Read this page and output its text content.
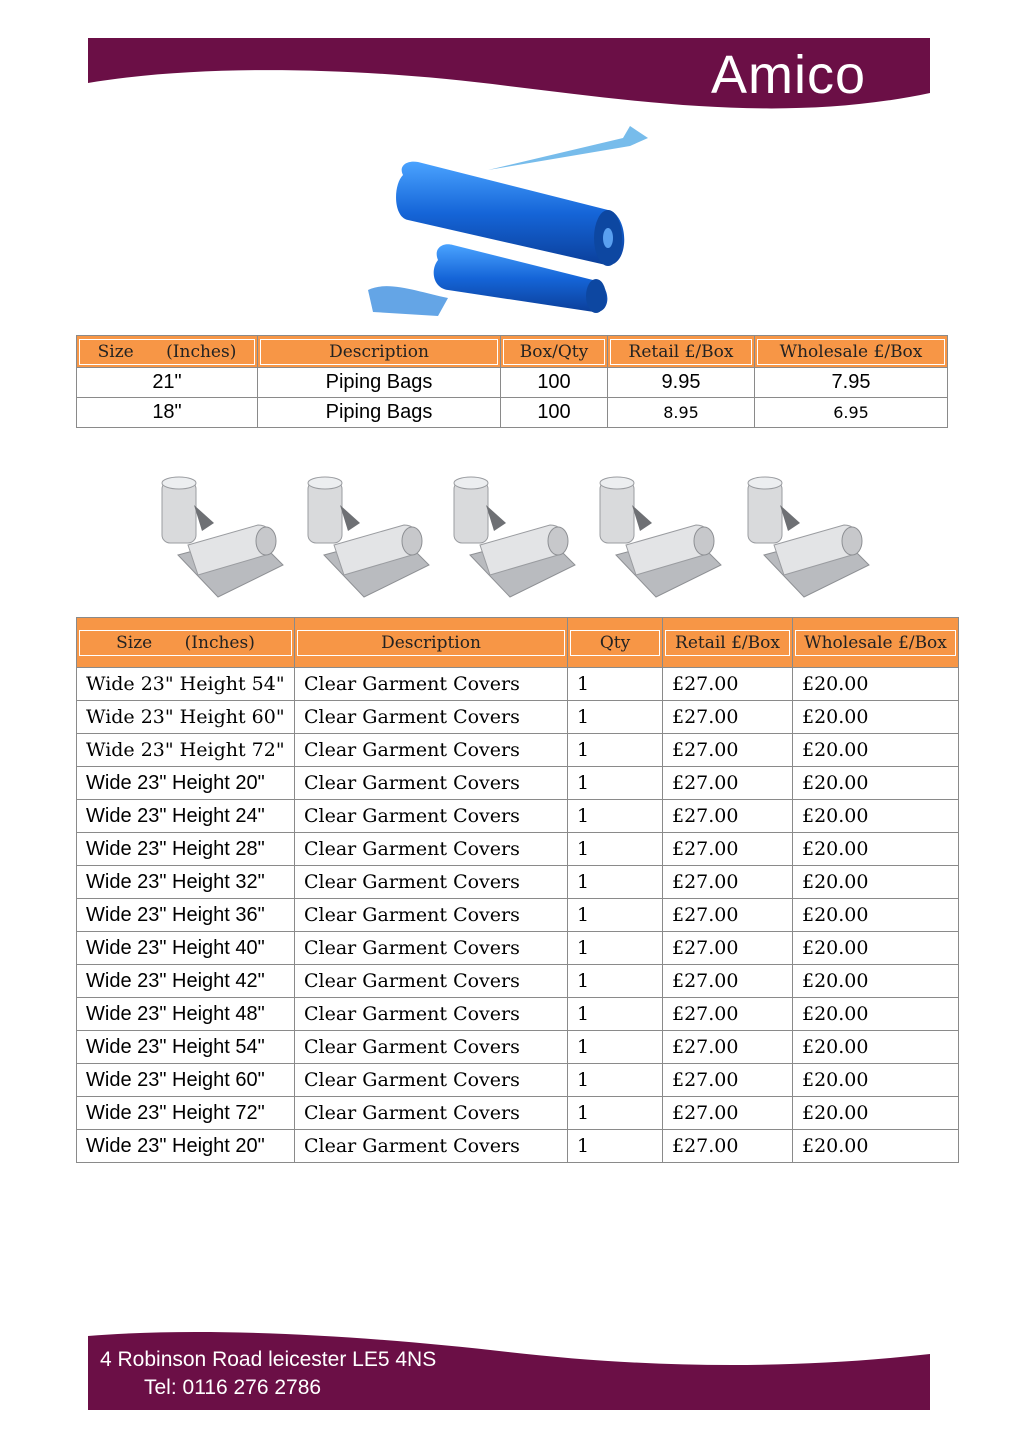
Amico
Size      (Inches)	Description	Box/Qty	Retail £/Box	Wholesale £/Box

21"	Piping Bags	100	9.95	7.95
18"	Piping Bags	100	8.95	6.95
Size      (Inches)	Description	Qty	Retail £/Box	Wholesale £/Box

Wide 23" Height 54"	Clear Garment Covers	1	£27.00	£20.00
Wide 23" Height 60"	Clear Garment Covers	1	£27.00	£20.00
Wide 23" Height 72"	Clear Garment Covers	1	£27.00	£20.00
Wide 23" Height 20"	Clear Garment Covers	1	£27.00	£20.00
Wide 23" Height 24"	Clear Garment Covers	1	£27.00	£20.00
Wide 23" Height 28"	Clear Garment Covers	1	£27.00	£20.00
Wide 23" Height 32"	Clear Garment Covers	1	£27.00	£20.00
Wide 23" Height 36"	Clear Garment Covers	1	£27.00	£20.00
Wide 23" Height 40"	Clear Garment Covers	1	£27.00	£20.00
Wide 23" Height 42"	Clear Garment Covers	1	£27.00	£20.00
Wide 23" Height 48"	Clear Garment Covers	1	£27.00	£20.00
Wide 23" Height 54"	Clear Garment Covers	1	£27.00	£20.00
Wide 23" Height 60"	Clear Garment Covers	1	£27.00	£20.00
Wide 23" Height 72"	Clear Garment Covers	1	£27.00	£20.00
Wide 23" Height 20"	Clear Garment Covers	1	£27.00	£20.00
4 Robinson Road leicester LE5 4NS
Tel: 0116 276 2786
